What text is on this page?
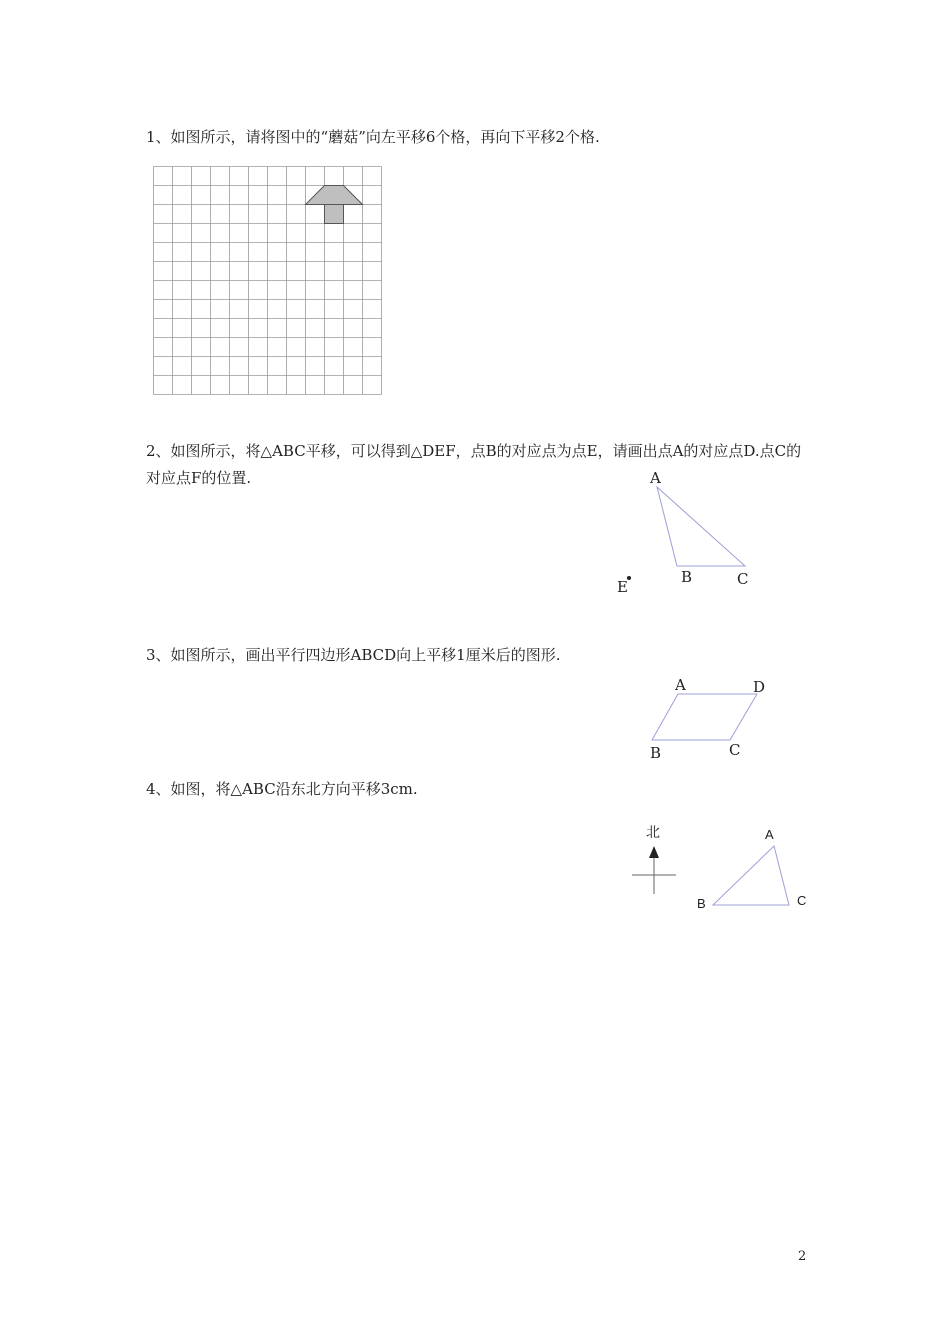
1、如图所示，请将图中的“蘑菇”向左平移6个格，再向下平移2个格.
2、如图所示，将△ABC平移，可以得到△DEF，点B的对应点为点E，请画出点A的对应点D.点C的对应点F的位置.	A
B	C
E
3、如图所示，画出平行四边形ABCD向上平移1厘米后的图形.
A	D
B	C
4、如图，将△ABC沿东北方向平移3cm.
北	A
B	C
2
